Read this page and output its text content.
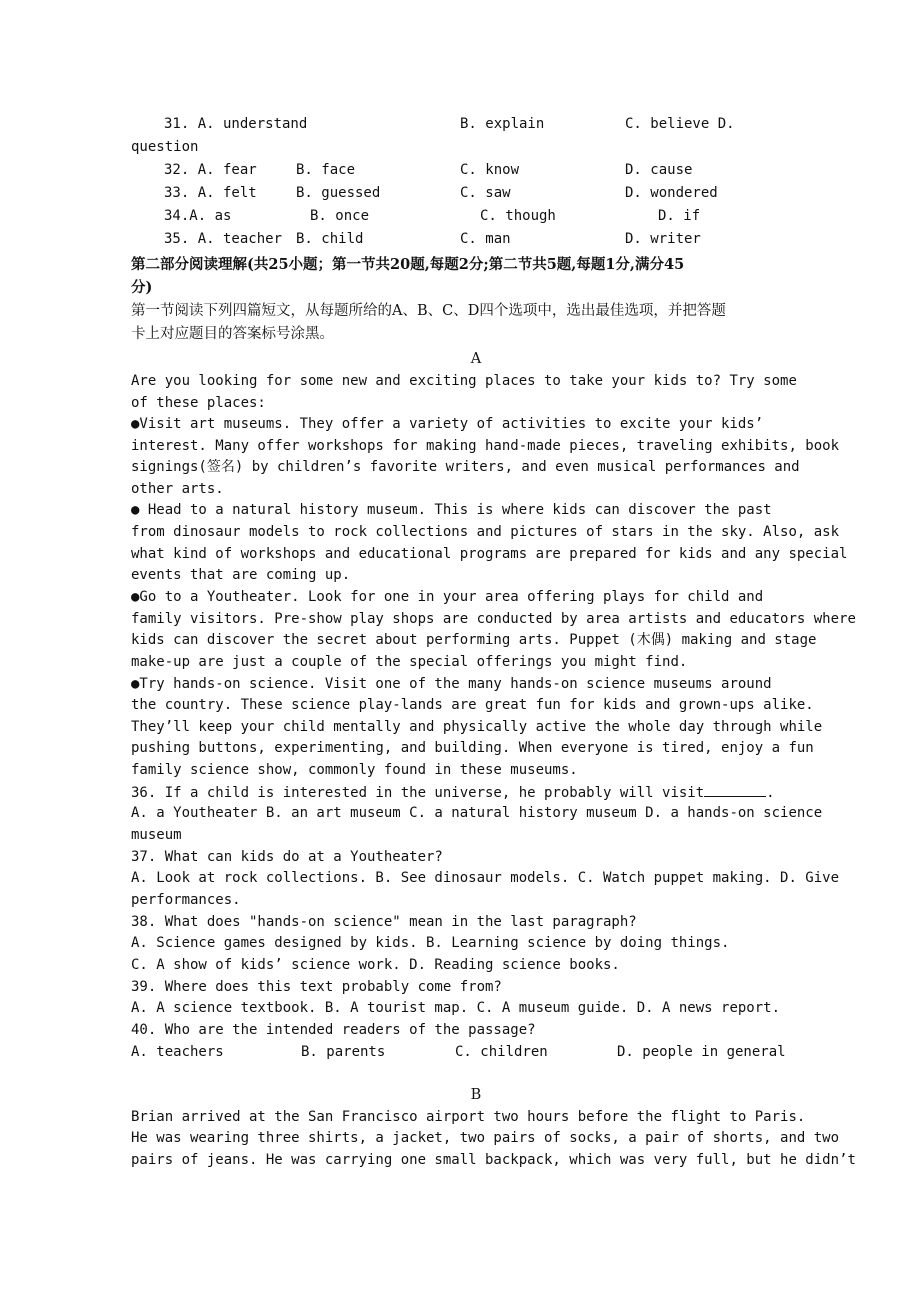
31. A. understand	B. explain	C. believe D.
question
32. A. fear	B. face	C. know	D. cause
33. A. felt	B. guessed	C. saw	D. wondered
34.A. as	B. once	C. though	D. if
35. A. teacher B. child	C. man	D. writer
第二部分阅读理解(共25小题；第一节共20题,每题2分;第二节共5题,每题1分,满分45
分)
第一节阅读下列四篇短文，从每题所给的A、B、C、D四个选项中，选出最佳选项，并把答题
卡上对应题目的答案标号涂黑。
A
Are you looking for some new and exciting places to take your kids to? Try some
of these places:
●Visit art museums. They offer a variety of activities to excite your kids’
interest. Many offer workshops for making hand-made pieces, traveling exhibits, book
signings(签名) by children’s favorite writers, and even musical performances and
other arts.
● Head to a natural history museum. This is where kids can discover the past
from dinosaur models to rock collections and pictures of stars in the sky. Also, ask
what kind of workshops and educational programs are prepared for kids and any special
events that are coming up.
●Go to a Youtheater. Look for one in your area offering plays for child and
family visitors. Pre-show play shops are conducted by area artists and educators where
kids can discover the secret about performing arts. Puppet (木偶) making and stage
make-up are just a couple of the special offerings you might find.
●Try hands-on science. Visit one of the many hands-on science museums around
the country. These science play-lands are great fun for kids and grown-ups alike.
They’ll keep your child mentally and physically active the whole day through while
pushing buttons, experimenting, and building. When everyone is tired, enjoy a fun
family science show, commonly found in these museums.
36. If a child is interested in the universe, he probably will visit	.
A. a Youtheater B. an art museum C. a natural history museum D. a hands-on science
museum
37. What can kids do at a Youtheater?
A. Look at rock collections. B. See dinosaur models. C. Watch puppet making. D. Give
performances.
38. What does "hands-on science" mean in the last paragraph?
A. Science games designed by kids. B. Learning science by doing things.
C. A show of kids’ science work. D. Reading science books.
39. Where does this text probably come from?
A. A science textbook. B. A tourist map. C. A museum guide. D. A news report.
40. Who are the intended readers of the passage?
A. teachers	B. parents	C. children	D. people in general
B
Brian arrived at the San Francisco airport two hours before the flight to Paris.
He was wearing three shirts, a jacket, two pairs of socks, a pair of shorts, and two
pairs of jeans. He was carrying one small backpack, which was very full, but he didn’t
